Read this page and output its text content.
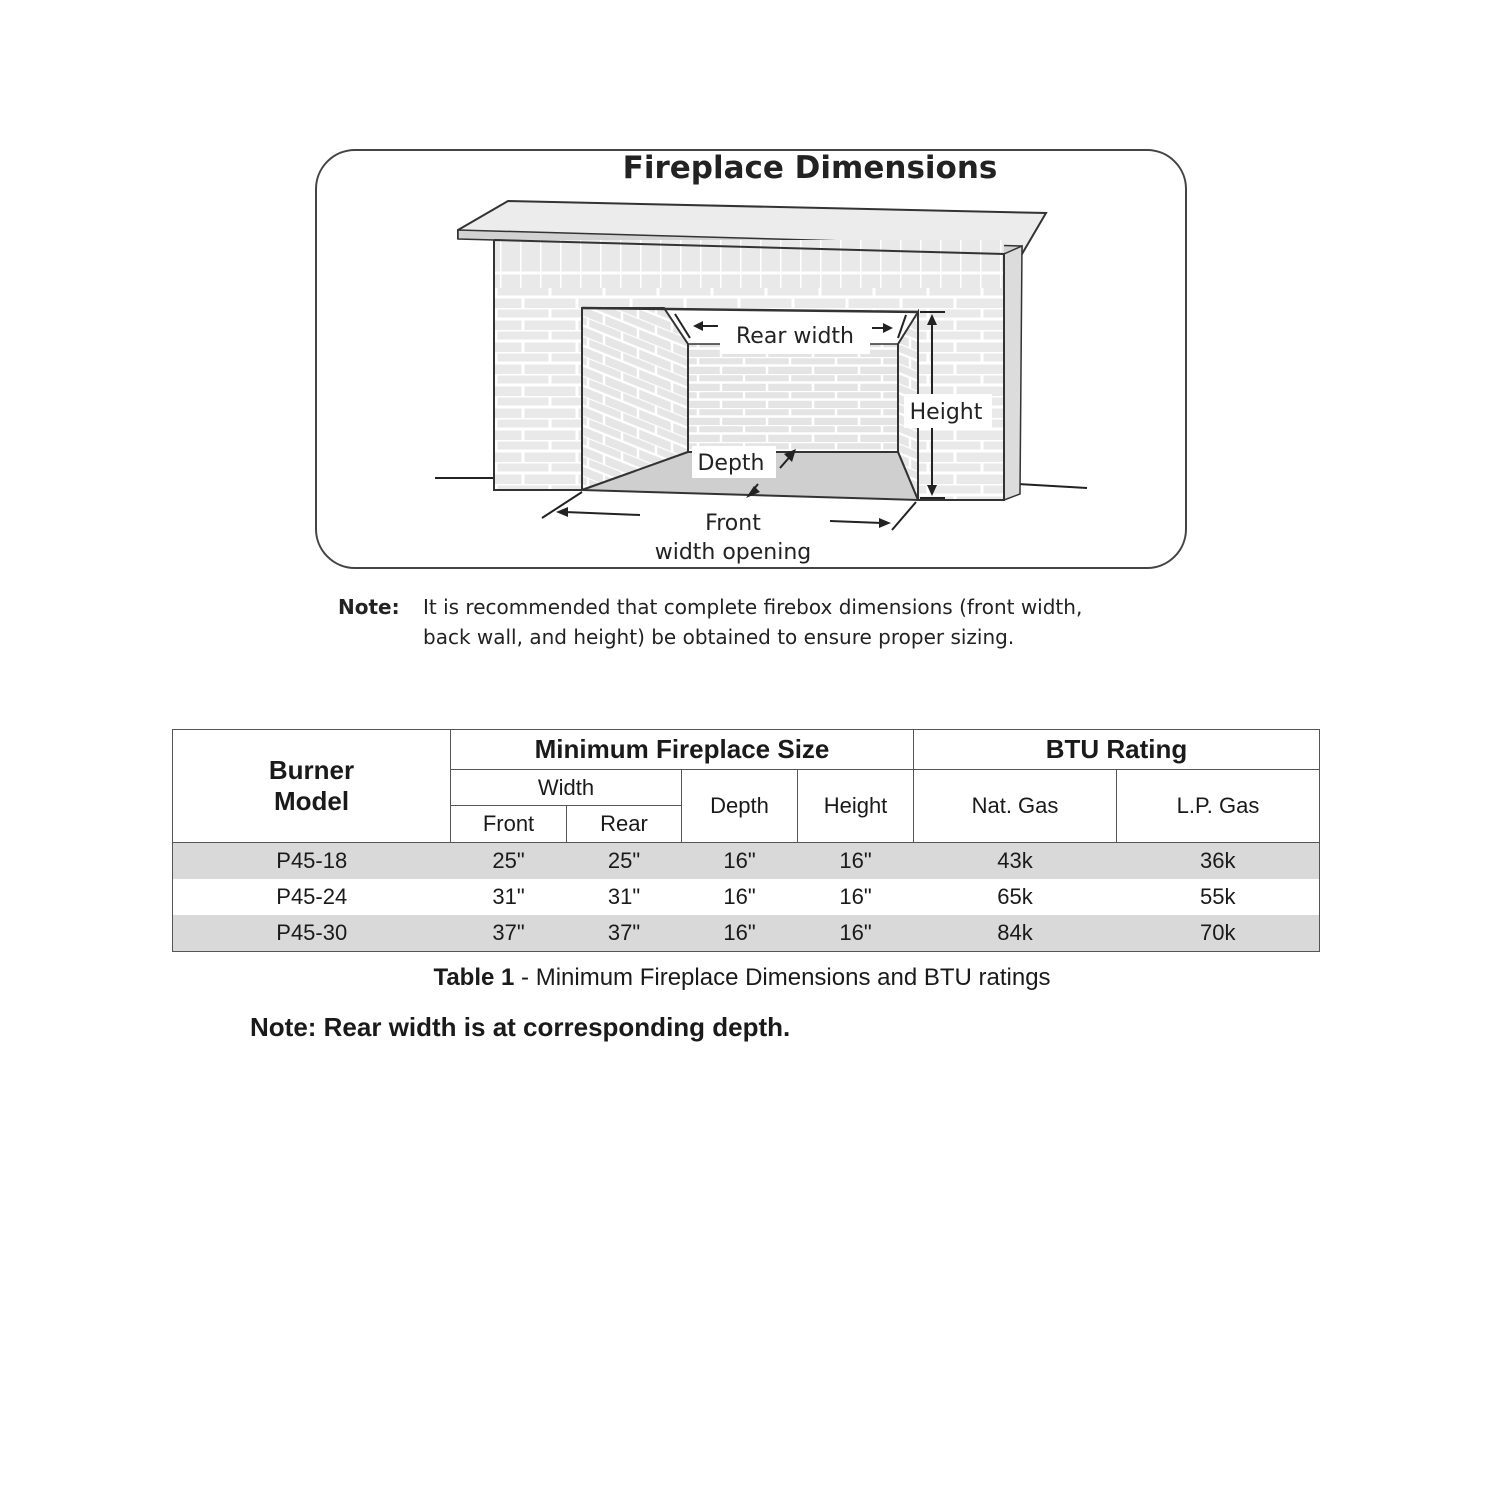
Fireplace Dimensions
Rear width
Height
Depth
Front
width opening
Note: It is recommended that complete firebox dimensions (front width,
back wall, and height) be obtained to ensure proper sizing.
Burner
Model	Minimum Fireplace Size				BTU Rating	
	Width		Depth	Height	Nat. Gas	L.P. Gas
	Front	Rear				
P45-18	25"	25"	16"	16"	43k	36k
P45-24	31"	31"	16"	16"	65k	55k
P45-30	37"	37"	16"	16"	84k	70k
Table 1 - Minimum Fireplace Dimensions and BTU ratings
Note: Rear width is at corresponding depth.
